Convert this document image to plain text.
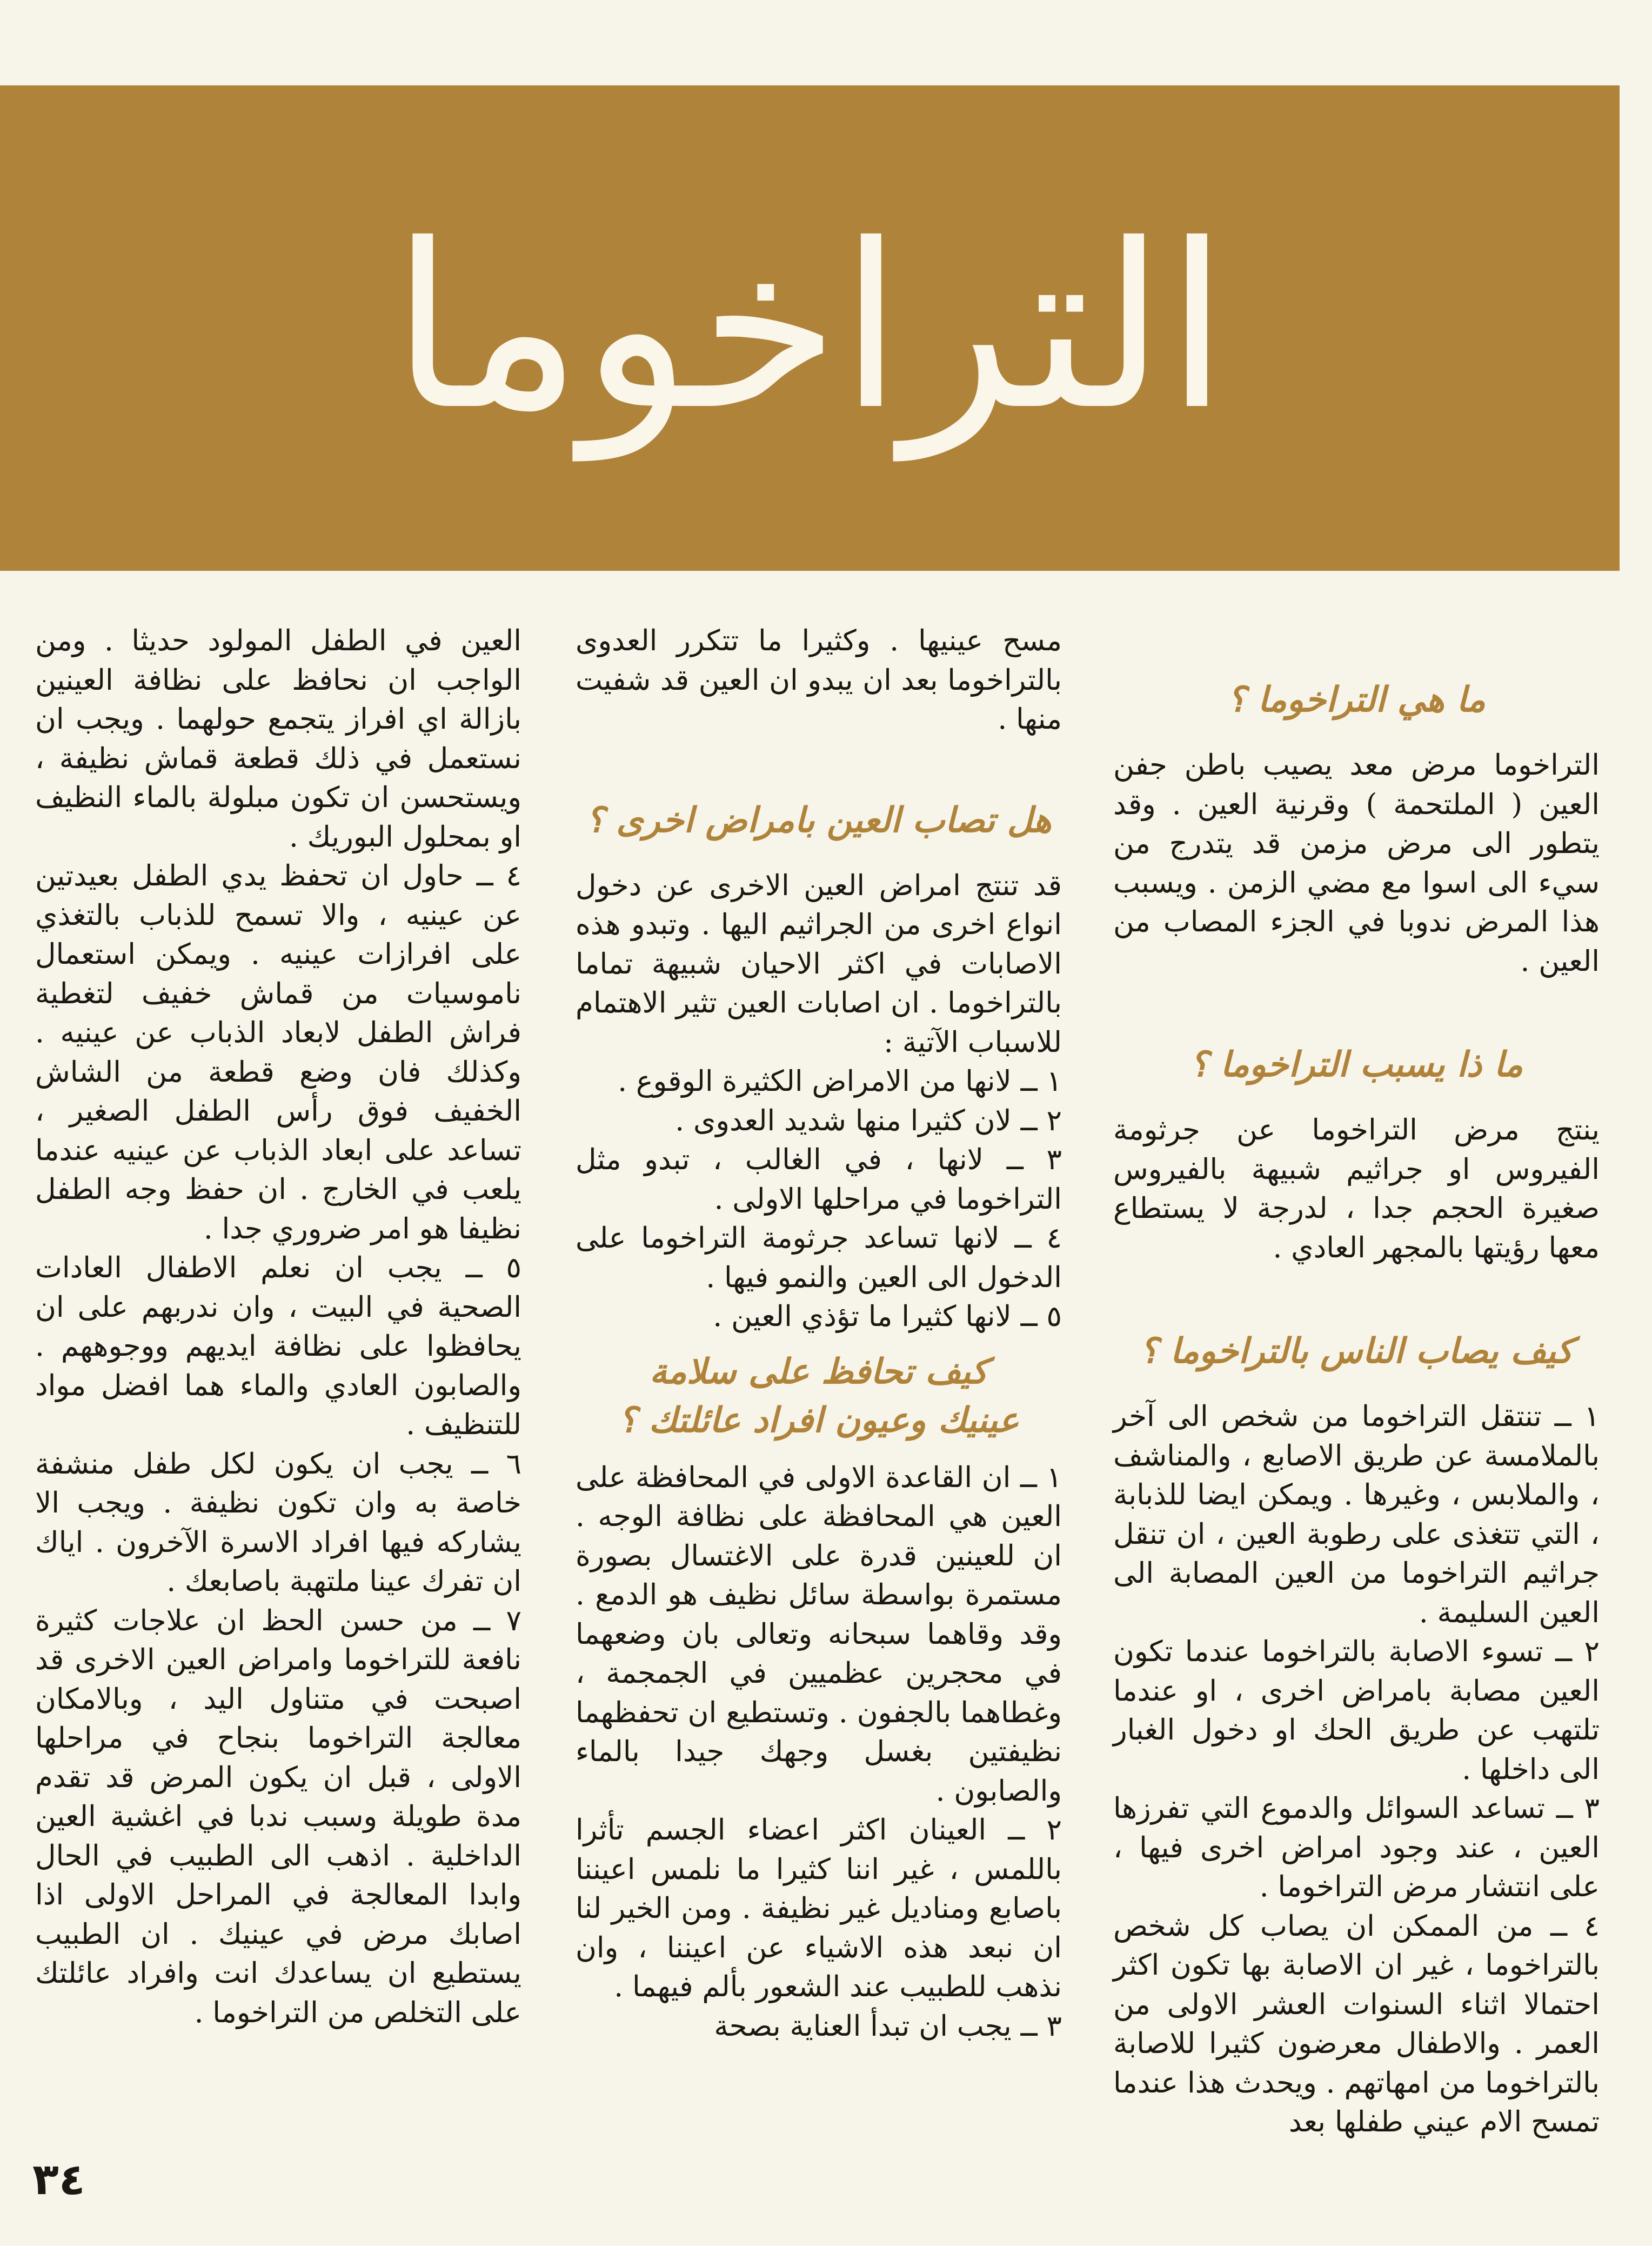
التراخوما
ما هي التراخوما ؟

التراخوما مرض معد يصيب باطن جفن العين ( الملتحمة ) وقرنية العين . وقد يتطور الى مرض مزمن قد يتدرج من سيء الى اسوا مع مضي الزمن . ويسبب هذا المرض ندوبا في الجزء المصاب من العين .

ما ذا يسبب التراخوما ؟

ينتج مرض التراخوما عن جرثومة الفيروس او جراثيم شبيهة بالفيروس صغيرة الحجم جدا ، لدرجة لا يستطاع معها رؤيتها بالمجهر العادي .

كيف يصاب الناس بالتراخوما ؟

١ ــ تنتقل التراخوما من شخص الى آخر بالملامسة عن طريق الاصابع ، والمناشف ، والملابس ، وغيرها . ويمكن ايضا للذبابة ، التي تتغذى على رطوبة العين ، ان تنقل جراثيم التراخوما من العين المصابة الى العين السليمة .

٢ ــ تسوء الاصابة بالتراخوما عندما تكون العين مصابة بامراض اخرى ، او عندما تلتهب عن طريق الحك او دخول الغبار الى داخلها .

٣ ــ تساعد السوائل والدموع التي تفرزها العين ، عند وجود امراض اخرى فيها ، على انتشار مرض التراخوما .

٤ ــ من الممكن ان يصاب كل شخص بالتراخوما ، غير ان الاصابة بها تكون اكثر احتمالا اثناء السنوات العشر الاولى من العمر . والاطفال معرضون كثيرا للاصابة بالتراخوما من امهاتهم . ويحدث هذا عندما تمسح الام عيني طفلها بعد

مسح عينيها . وكثيرا ما تتكرر العدوى بالتراخوما بعد ان يبدو ان العين قد شفيت منها .

هل تصاب العين بامراض اخرى ؟

قد تنتج امراض العين الاخرى عن دخول انواع اخرى من الجراثيم اليها . وتبدو هذه الاصابات في اكثر الاحيان شبيهة تماما بالتراخوما . ان اصابات العين تثير الاهتمام للاسباب الآتية :

١ ــ لانها من الامراض الكثيرة الوقوع .

٢ ــ لان كثيرا منها شديد العدوى .

٣ ــ لانها ، في الغالب ، تبدو مثل التراخوما في مراحلها الاولى .

٤ ــ لانها تساعد جرثومة التراخوما على الدخول الى العين والنمو فيها .

٥ ــ لانها كثيرا ما تؤذي العين .

كيف تحافظ على سلامة
عينيك وعيون افراد عائلتك ؟

١ ــ ان القاعدة الاولى في المحافظة على العين هي المحافظة على نظافة الوجه . ان للعينين قدرة على الاغتسال بصورة مستمرة بواسطة سائل نظيف هو الدمع . وقد وقاهما سبحانه وتعالى بان وضعهما في محجرين عظميين في الجمجمة ، وغطاهما بالجفون . وتستطيع ان تحفظهما نظيفتين بغسل وجهك جيدا بالماء والصابون .

٢ ــ العينان اكثر اعضاء الجسم تأثرا باللمس ، غير اننا كثيرا ما نلمس اعيننا باصابع ومناديل غير نظيفة . ومن الخير لنا ان نبعد هذه الاشياء عن اعيننا ، وان نذهب للطبيب عند الشعور بألم فيهما .

٣ ــ يجب ان تبدأ العناية بصحة

العين في الطفل المولود حديثا . ومن الواجب ان نحافظ على نظافة العينين بازالة اي افراز يتجمع حولهما . ويجب ان نستعمل في ذلك قطعة قماش نظيفة ، ويستحسن ان تكون مبلولة بالماء النظيف او بمحلول البوريك .

٤ ــ حاول ان تحفظ يدي الطفل بعيدتين عن عينيه ، والا تسمح للذباب بالتغذي على افرازات عينيه . ويمكن استعمال ناموسيات من قماش خفيف لتغطية فراش الطفل لابعاد الذباب عن عينيه . وكذلك فان وضع قطعة من الشاش الخفيف فوق رأس الطفل الصغير ، تساعد على ابعاد الذباب عن عينيه عندما يلعب في الخارج . ان حفظ وجه الطفل نظيفا هو امر ضروري جدا .

٥ ــ يجب ان نعلم الاطفال العادات الصحية في البيت ، وان ندربهم على ان يحافظوا على نظافة ايديهم ووجوههم . والصابون العادي والماء هما افضل مواد للتنظيف .

٦ ــ يجب ان يكون لكل طفل منشفة خاصة به وان تكون نظيفة . ويجب الا يشاركه فيها افراد الاسرة الآخرون . اياك ان تفرك عينا ملتهبة باصابعك .

٧ ــ من حسن الحظ ان علاجات كثيرة نافعة للتراخوما وامراض العين الاخرى قد اصبحت في متناول اليد ، وبالامكان معالجة التراخوما بنجاح في مراحلها الاولى ، قبل ان يكون المرض قد تقدم مدة طويلة وسبب ندبا في اغشية العين الداخلية . اذهب الى الطبيب في الحال وابدا المعالجة في المراحل الاولى اذا اصابك مرض في عينيك . ان الطبيب يستطيع ان يساعدك انت وافراد عائلتك على التخلص من التراخوما .

٣٤
